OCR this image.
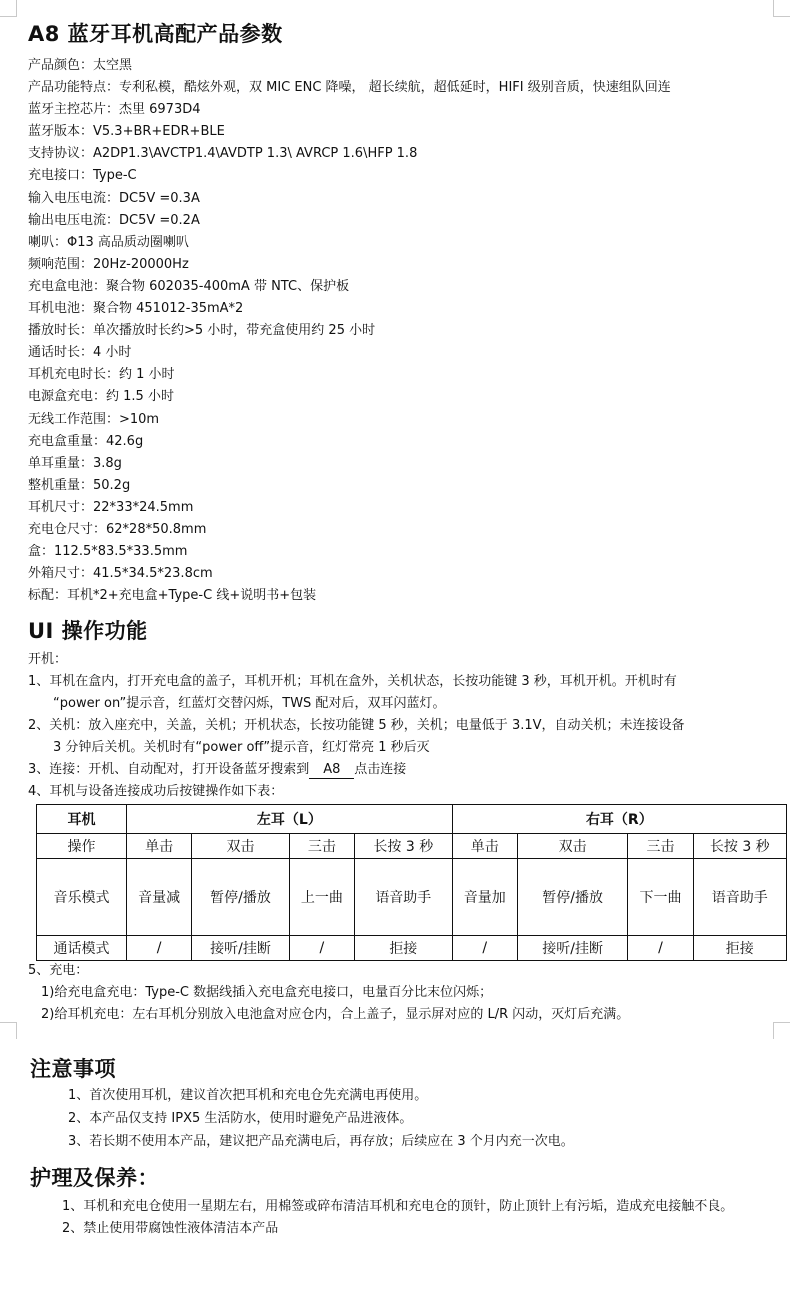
A8 蓝牙耳机高配产品参数
产品颜色：太空黑
产品功能特点：专利私模，酷炫外观，双 MIC ENC 降噪， 超长续航，超低延时，HIFI 级别音质，快速组队回连
蓝牙主控芯片：杰里 6973D4
蓝牙版本：V5.3+BR+EDR+BLE
支持协议：A2DP1.3\AVCTP1.4\AVDTP 1.3\ AVRCP 1.6\HFP 1.8
充电接口：Type-C
输入电压电流：DC5V =0.3A
输出电压电流：DC5V =0.2A
喇叭：Φ13 高品质动圈喇叭
频响范围：20Hz-20000Hz
充电盒电池：聚合物 602035-400mA 带 NTC、保护板
耳机电池：聚合物 451012-35mA*2
播放时长：单次播放时长约>5 小时，带充盒使用约 25 小时
通话时长：4 小时
耳机充电时长：约 1 小时
电源盒充电：约 1.5 小时
无线工作范围：>10m
充电盒重量：42.6g
单耳重量：3.8g
整机重量：50.2g
耳机尺寸：22*33*24.5mm
充电仓尺寸：62*28*50.8mm
盒：112.5*83.5*33.5mm
外箱尺寸：41.5*34.5*23.8cm
标配：耳机*2+充电盒+Type-C 线+说明书+包装
UI 操作功能
开机：
1、耳机在盒内，打开充电盒的盖子，耳机开机；耳机在盒外，关机状态，长按功能键 3 秒，耳机开机。开机时有
“power on”提示音，红蓝灯交替闪烁，TWS 配对后，双耳闪蓝灯。
2、关机：放入座充中，关盖，关机；开机状态，长按功能键 5 秒，关机；电量低于 3.1V，自动关机；未连接设备
3 分钟后关机。关机时有“power off”提示音，红灯常亮 1 秒后灭
3、连接：开机、自动配对，打开设备蓝牙搜索到 A8 点击连接
4、耳机与设备连接成功后按键操作如下表：
耳机	左耳（L）				右耳（R）			
操作	单击	双击	三击	长按 3 秒	单击	双击	三击	长按 3 秒
音乐模式	音量减	暂停/播放	上一曲	语音助手	音量加	暂停/播放	下一曲	语音助手
通话模式	/	接听/挂断	/	拒接	/	接听/挂断	/	拒接
5、充电：
1)给充电盒充电：Type-C 数据线插入充电盒充电接口，电量百分比末位闪烁；
2)给耳机充电：左右耳机分别放入电池盒对应仓内，合上盖子，显示屏对应的 L/R 闪动，灭灯后充满。
注意事项
1、首次使用耳机，建议首次把耳机和充电仓先充满电再使用。
2、本产品仅支持 IPX5 生活防水，使用时避免产品进液体。
3、若长期不使用本产品，建议把产品充满电后，再存放；后续应在 3 个月内充一次电。
护理及保养：
1、耳机和充电仓使用一星期左右，用棉签或碎布清洁耳机和充电仓的顶针，防止顶针上有污垢，造成充电接触不良。
2、禁止使用带腐蚀性液体清洁本产品
